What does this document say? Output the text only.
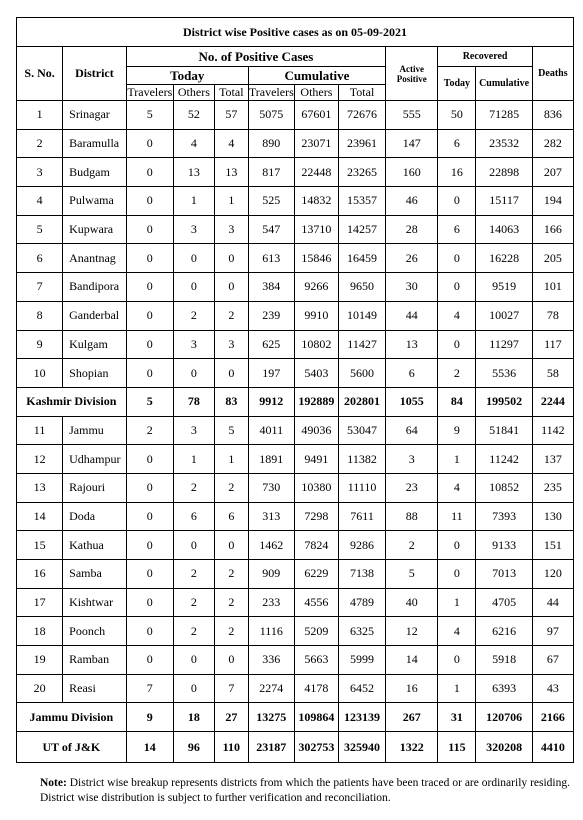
District wise Positive cases as on 05-09-2021											
S. No.	District	No. of Positive Cases						Active Positive	Recovered		Deaths
		Today			Cumulative				Today	Cumulative	
		Travelers	Others	Total	Travelers	Others	Total				
1	Srinagar	5	52	57	5075	67601	72676	555	50	71285	836
2	Baramulla	0	4	4	890	23071	23961	147	6	23532	282
3	Budgam	0	13	13	817	22448	23265	160	16	22898	207
4	Pulwama	0	1	1	525	14832	15357	46	0	15117	194
5	Kupwara	0	3	3	547	13710	14257	28	6	14063	166
6	Anantnag	0	0	0	613	15846	16459	26	0	16228	205
7	Bandipora	0	0	0	384	9266	9650	30	0	9519	101
8	Ganderbal	0	2	2	239	9910	10149	44	4	10027	78
9	Kulgam	0	3	3	625	10802	11427	13	0	11297	117
10	Shopian	0	0	0	197	5403	5600	6	2	5536	58
Kashmir Division		5	78	83	9912	192889	202801	1055	84	199502	2244
11	Jammu	2	3	5	4011	49036	53047	64	9	51841	1142
12	Udhampur	0	1	1	1891	9491	11382	3	1	11242	137
13	Rajouri	0	2	2	730	10380	11110	23	4	10852	235
14	Doda	0	6	6	313	7298	7611	88	11	7393	130
15	Kathua	0	0	0	1462	7824	9286	2	0	9133	151
16	Samba	0	2	2	909	6229	7138	5	0	7013	120
17	Kishtwar	0	2	2	233	4556	4789	40	1	4705	44
18	Poonch	0	2	2	1116	5209	6325	12	4	6216	97
19	Ramban	0	0	0	336	5663	5999	14	0	5918	67
20	Reasi	7	0	7	2274	4178	6452	16	1	6393	43
Jammu Division		9	18	27	13275	109864	123139	267	31	120706	2166
UT of J&K		14	96	110	23187	302753	325940	1322	115	320208	4410
Note: District wise breakup represents districts from which the patients have been traced or are ordinarily residing. District wise distribution is subject to further verification and reconciliation.
